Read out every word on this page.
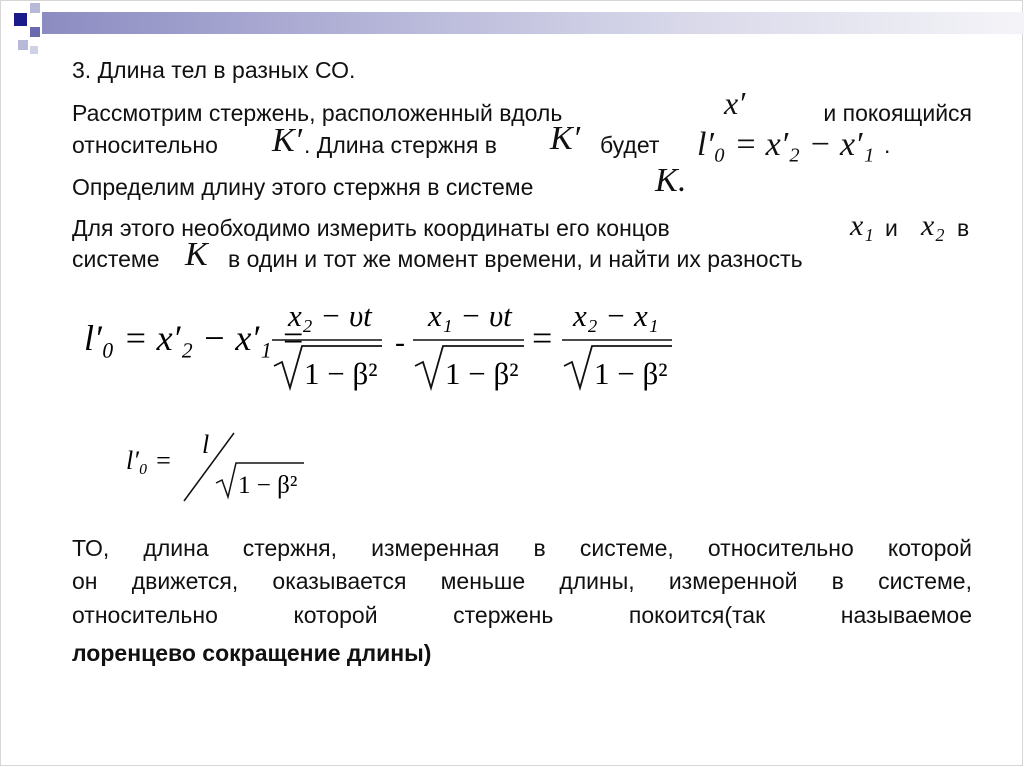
3. Длина тел в разных СО.
Рассмотрим стержень, расположенный вдоль	x′	и покоящийся
относительно K′ . Длина стержня в K′ будет l′₀ = x′₂ − x′₁ .
Определим длину этого стержня в системе	K .
Для этого необходимо измерить координаты его концов	x₁ и x₂ в
системе K в один и тот же момент времени, и найти их разность
l′₀ = x′₂ − x′₁ =
x₂ − υt
1 − β²
-
x₁ − υt
1 − β²
=
x₂ − x₁
1 − β²
l′₀ =
l
1 − β²
ТО, длина стержня, измеренная в системе, относительно которой
он движется, оказывается меньше длины, измеренной в системе,
относительно которой стержень покоится(так называемое
лоренцево сокращение длины)
